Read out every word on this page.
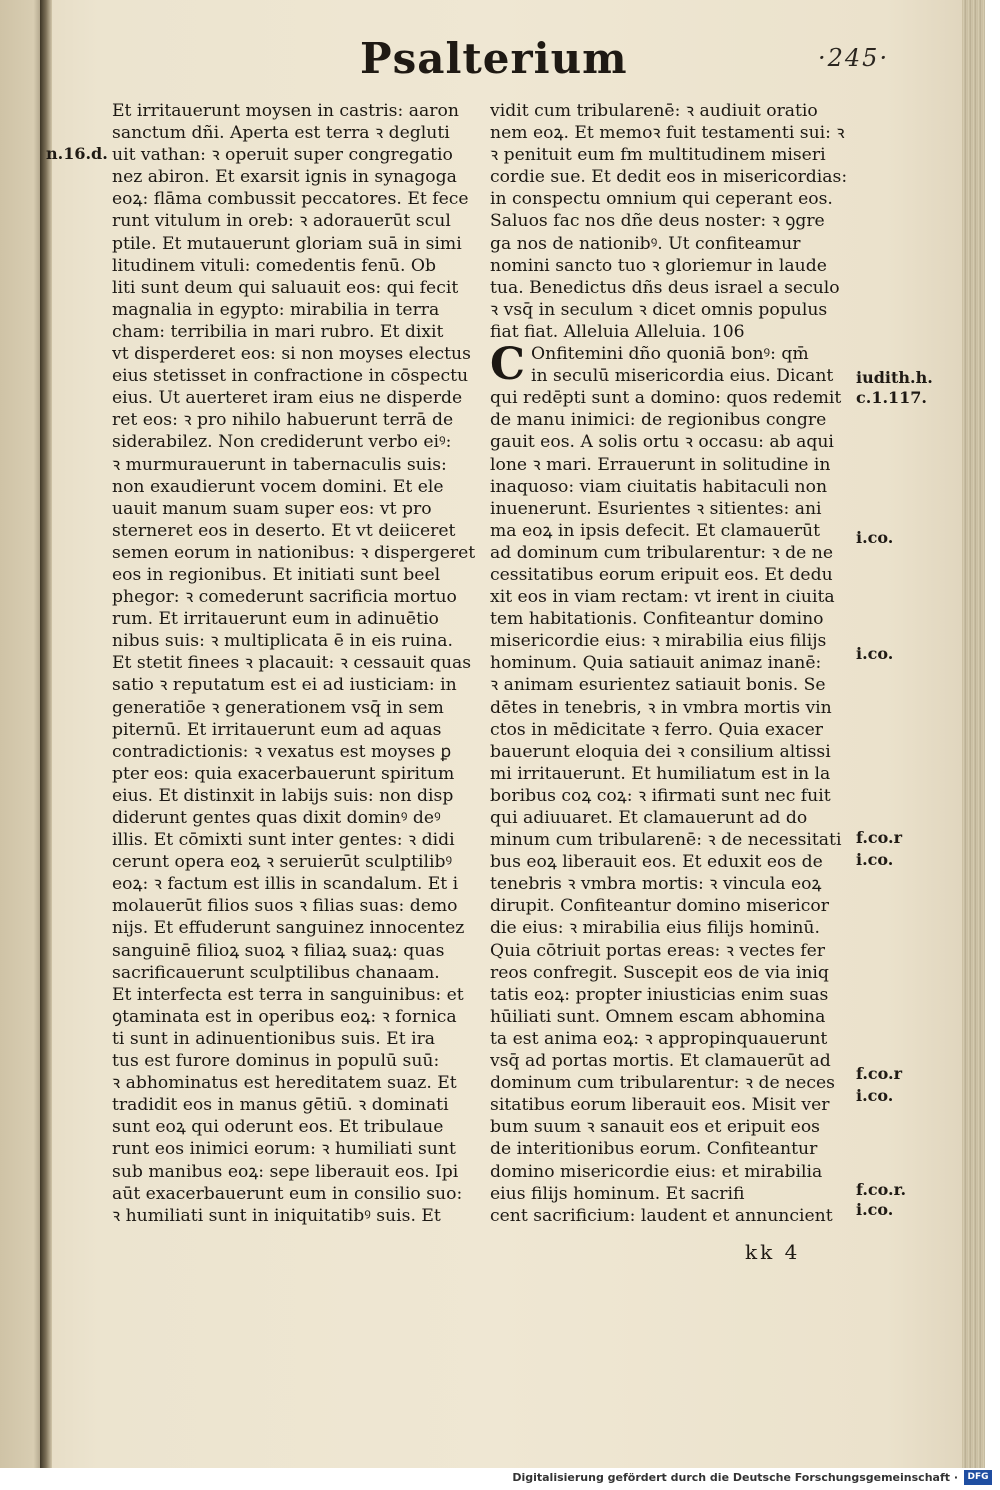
Psalterium	·245·
n.16.d.
Et irritauerunt moysen in castris: aaron
sanctum dñi. Aperta est terra ꝛ degluti
uit vathan: ꝛ operuit super congregatio
nez abiron. Et exarsit ignis in synagoga
eoꝝ: flāma combussit peccatores. Et fece
runt vitulum in oreb: ꝛ adorauerūt scul
ptile. Et mutauerunt gloriam suā in simi
litudinem vituli: comedentis fenū. Ob
liti sunt deum qui saluauit eos: qui fecit
magnalia in egypto: mirabilia in terra
cham: terribilia in mari rubro. Et dixit
vt disperderet eos: si non moyses electus
eius stetisset in confractione in cōspectu
eius. Ut auerteret iram eius ne disperde
ret eos: ꝛ pro nihilo habuerunt terrā de
siderabilez. Non crediderunt verbo eiꝰ:
ꝛ murmurauerunt in tabernaculis suis:
non exaudierunt vocem domini. Et ele
uauit manum suam super eos: vt pro
sterneret eos in deserto. Et vt deiiceret
semen eorum in nationibus: ꝛ dispergeret
eos in regionibus. Et initiati sunt beel
phegor: ꝛ comederunt sacrificia mortuo
rum. Et irritauerunt eum in adinuētio
nibus suis: ꝛ multiplicata ē in eis ruina.
Et stetit finees ꝛ placauit: ꝛ cessauit quas
satio ꝛ reputatum est ei ad iusticiam: in
generatiōe ꝛ generationem vsq̄ in sem
piternū. Et irritauerunt eum ad aquas
contradictionis: ꝛ vexatus est moyses ꝑ
pter eos: quia exacerbauerunt spiritum
eius. Et distinxit in labijs suis: non disp
diderunt gentes quas dixit dominꝰ deꝰ
illis. Et cōmixti sunt inter gentes: ꝛ didi
cerunt opera eoꝝ ꝛ seruierūt sculptilibꝰ
eoꝝ: ꝛ factum est illis in scandalum. Et i
molauerūt filios suos ꝛ filias suas: demo
nijs. Et effuderunt sanguinez innocentez
sanguinē filioꝝ suoꝝ ꝛ filiaꝝ suaꝝ: quas
sacrificauerunt sculptilibus chanaam.
Et interfecta est terra in sanguinibus: et
ꝯtaminata est in operibus eoꝝ: ꝛ fornica
ti sunt in adinuentionibus suis. Et ira
tus est furore dominus in populū suū:
ꝛ abhominatus est hereditatem suaz. Et
tradidit eos in manus gētiū. ꝛ dominati
sunt eoꝝ qui oderunt eos. Et tribulaue
runt eos inimici eorum: ꝛ humiliati sunt
sub manibus eoꝝ: sepe liberauit eos. Ipi
aūt exacerbauerunt eum in consilio suo:
ꝛ humiliati sunt in iniquitatibꝰ suis. Et
vidit cum tribularenē: ꝛ audiuit oratio
nem eoꝝ. Et memoꝛ fuit testamenti sui: ꝛ
ꝛ penituit eum fm multitudinem miseri
cordie sue. Et dedit eos in misericordias:
in conspectu omnium qui ceperant eos.
Saluos fac nos dñe deus noster: ꝛ ꝯgre
ga nos de nationibꝰ. Ut confiteamur
nomini sancto tuo ꝛ gloriemur in laude
tua. Benedictus dñs deus israel a seculo
ꝛ vsq̄ in seculum ꝛ dicet omnis populus
fiat fiat. Alleluia Alleluia. 106
C Onfitemini dño quoniā bonꝰ: qm̄
in seculū misericordia eius. Dicant
qui redēpti sunt a domino: quos redemit
de manu inimici: de regionibus congre
gauit eos. A solis ortu ꝛ occasu: ab aqui
lone ꝛ mari. Errauerunt in solitudine in
inaquoso: viam ciuitatis habitaculi non
inuenerunt. Esurientes ꝛ sitientes: ani
ma eoꝝ in ipsis defecit. Et clamauerūt
ad dominum cum tribularentur: ꝛ de ne
cessitatibus eorum eripuit eos. Et dedu
xit eos in viam rectam: vt irent in ciuita
tem habitationis. Confiteantur domino
misericordie eius: ꝛ mirabilia eius filijs
hominum. Quia satiauit animaz inanē:
ꝛ animam esurientez satiauit bonis. Se
dētes in tenebris, ꝛ in vmbra mortis vin
ctos in mēdicitate ꝛ ferro. Quia exacer
bauerunt eloquia dei ꝛ consilium altissi
mi irritauerunt. Et humiliatum est in la
boribus coꝝ coꝝ: ꝛ ifirmati sunt nec fuit
qui adiuuaret. Et clamauerunt ad do
minum cum tribularenē: ꝛ de necessitati
bus eoꝝ liberauit eos. Et eduxit eos de
tenebris ꝛ vmbra mortis: ꝛ vincula eoꝝ
dirupit. Confiteantur domino misericor
die eius: ꝛ mirabilia eius filijs hominū.
Quia cōtriuit portas ereas: ꝛ vectes fer
reos confregit. Suscepit eos de via iniq
tatis eoꝝ: propter iniusticias enim suas
hūiliati sunt. Omnem escam abhomina
ta est anima eoꝝ: ꝛ appropinquauerunt
vsq̄ ad portas mortis. Et clamauerūt ad
dominum cum tribularentur: ꝛ de neces
sitatibus eorum liberauit eos. Misit ver
bum suum ꝛ sanauit eos et eripuit eos
de interitionibus eorum. Confiteantur
domino misericordie eius: et mirabilia
eius filijs hominum. Et sacrifi
cent sacrificium: laudent et annuncient
iudith.h.
c.1.117.
i.co.
i.co.
f.co.r
i.co.
f.co.r
i.co.
f.co.r.
i.co.
kk 4
Digitalisierung gefördert durch die Deutsche Forschungsgemeinschaft ·	DFG
